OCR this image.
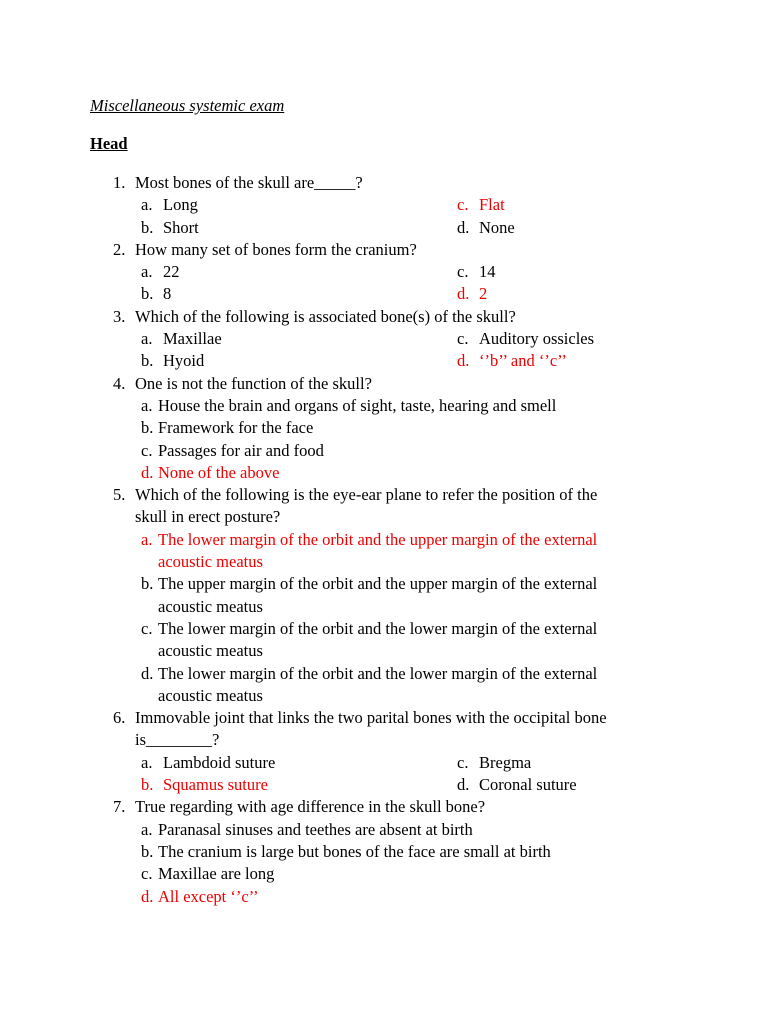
Miscellaneous systemic exam
Head
1. Most bones of the skull are_____?
a. Long	c. Flat
b. Short	d. None
2. How many set of bones form the cranium?
a. 22	c. 14
b. 8	d. 2
3. Which of the following is associated bone(s) of the skull?
a. Maxillae	c. Auditory ossicles
b. Hyoid	d. ‘’b’’ and ‘’c’’
4. One is not the function of the skull?
a. House the brain and organs of sight, taste, hearing and smell
b. Framework for the face
c. Passages for air and food
d. None of the above
5. Which of the following is the eye-ear plane to refer the position of the
skull in erect posture?
a. The lower margin of the orbit and the upper margin of the external
acoustic meatus
b. The upper margin of the orbit and the upper margin of the external
acoustic meatus
c. The lower margin of the orbit and the lower margin of the external
acoustic meatus
d. The lower margin of the orbit and the lower margin of the external
acoustic meatus
6. Immovable joint that links the two parital bones with the occipital bone
is________?
a. Lambdoid suture	c. Bregma
b. Squamus suture	d. Coronal suture
7. True regarding with age difference in the skull bone?
a. Paranasal sinuses and teethes are absent at birth
b. The cranium is large but bones of the face are small at birth
c. Maxillae are long
d. All except ‘’c’’
